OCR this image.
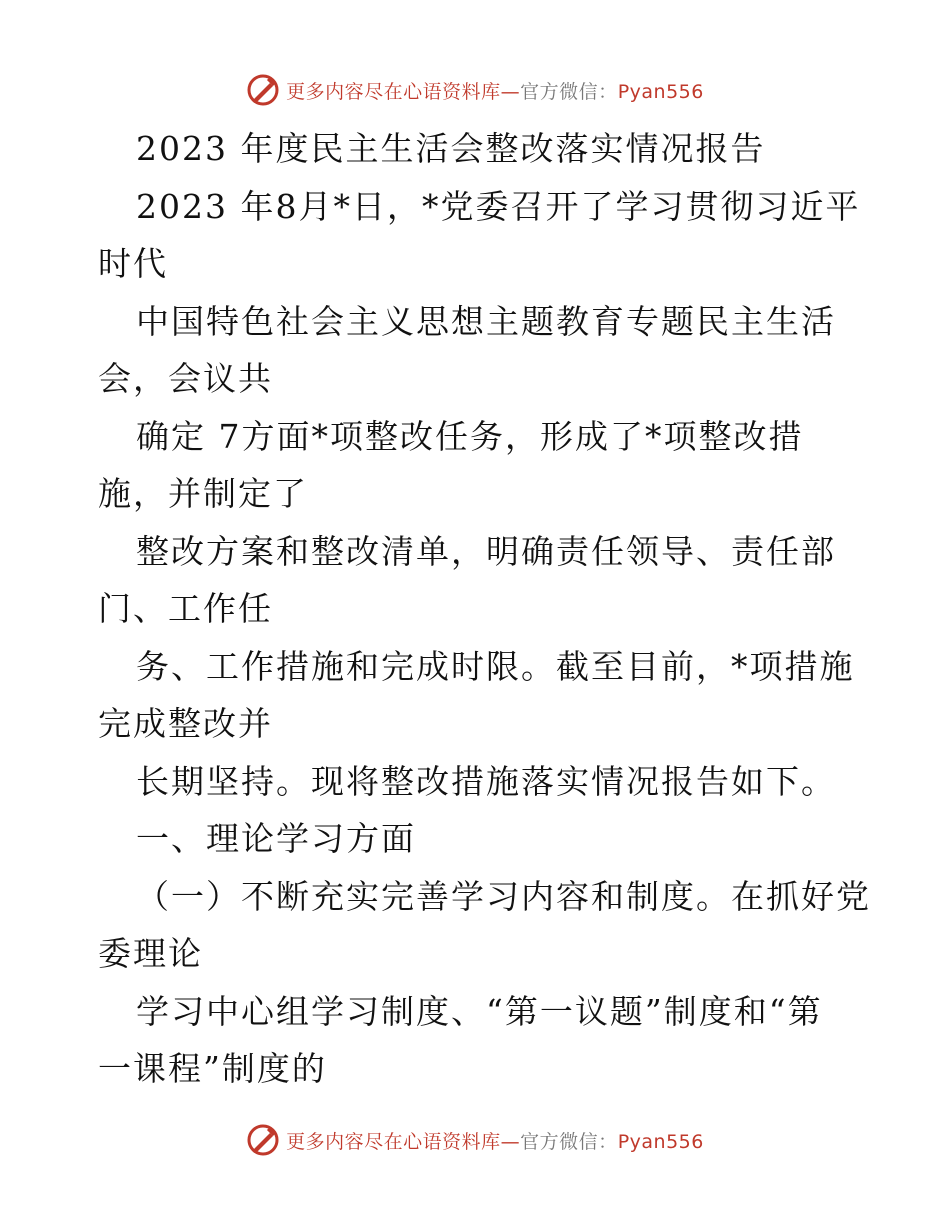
更多内容尽在心语资料库—官方微信：Pyan556
2023 年度民主生活会整改落实情况报告
2023 年8月*日，*党委召开了学习贯彻习近平
时代
中国特色社会主义思想主题教育专题民主生活
会，会议共
确定 7方面*项整改任务，形成了*项整改措
施，并制定了
整改方案和整改清单，明确责任领导、责任部
门、工作任
务、工作措施和完成时限。截至目前，*项措施
完成整改并
长期坚持。现将整改措施落实情况报告如下。
一、理论学习方面
（一）不断充实完善学习内容和制度。在抓好党
委理论
学习中心组学习制度、“第一议题”制度和“第
一课程”制度的
更多内容尽在心语资料库—官方微信：Pyan556
